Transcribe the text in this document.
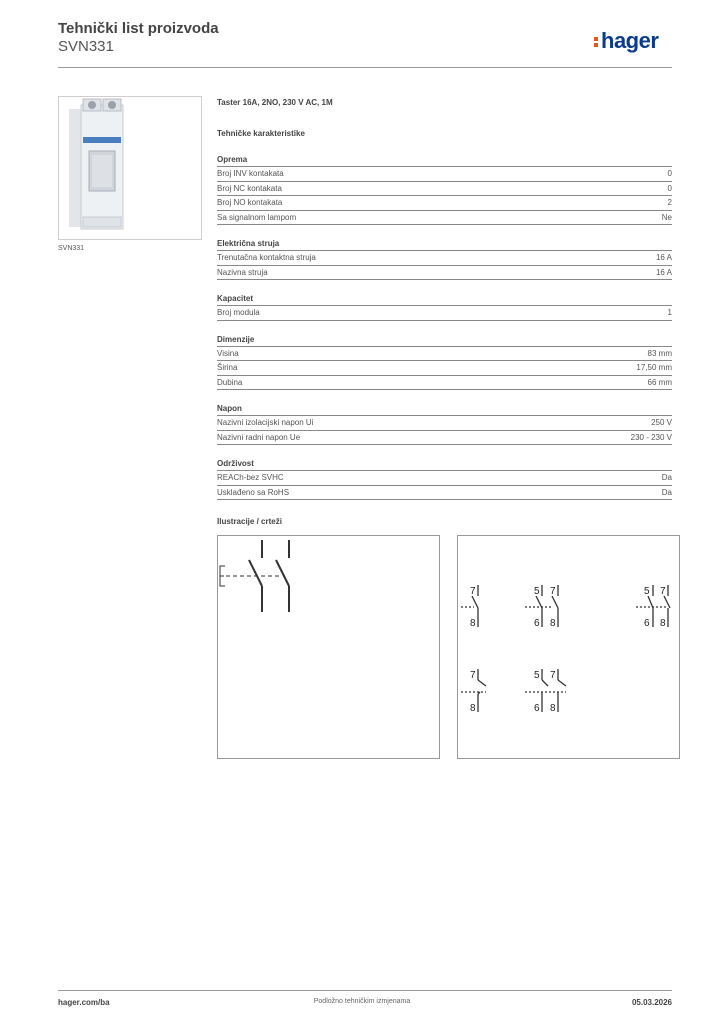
Tehnički list proizvoda
SVN331	hager
SVN331
Taster 16A, 2NO, 230 V AC, 1M
Tehničke karakteristike
Oprema
Broj INV kontakata	0
Broj NC kontakata	0
Broj NO kontakata	2
Sa signalnom lampom	Ne
Električna struja
Trenutačna kontaktna struja	16 A
Nazivna struja	16 A
Kapacitet
Broj modula	1
Dimenzije
Visina	83 mm
Širina	17,50 mm
Dubina	66 mm
Napon
Nazivni izolacijski napon Ui	250 V
Nazivni radni napon Ue	230 - 230 V
Održivost
REACh-bez SVHC	Da
Usklađeno sa RoHS	Da
Ilustracije / crteži
7
8
5 7
6 8
5 7
6 8
7
8
5 7
6 8
hager.com/ba	Podložno tehničkim izmjenama	05.03.2026
